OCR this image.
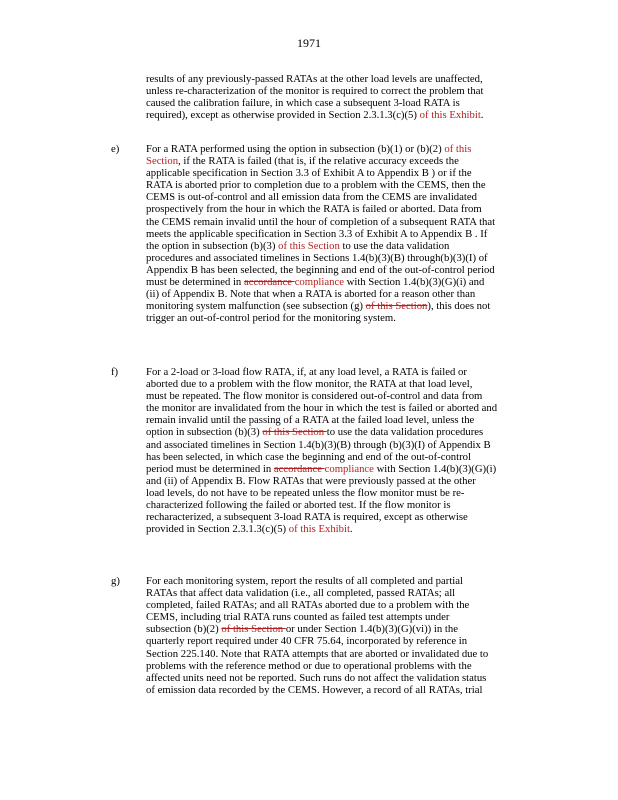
1971
results of any previously-passed RATAs at the other load levels are unaffected,
unless re-characterization of the monitor is required to correct the problem that
caused the calibration failure, in which case a subsequent 3-load RATA is
required), except as otherwise provided in Section 2.3.1.3(c)(5) of this Exhibit.
e) For a RATA performed using the option in subsection (b)(1) or (b)(2) of this
Section, if the RATA is failed (that is, if the relative accuracy exceeds the
applicable specification in Section 3.3 of Exhibit A to Appendix B ) or if the
RATA is aborted prior to completion due to a problem with the CEMS, then the
CEMS is out-of-control and all emission data from the CEMS are invalidated
prospectively from the hour in which the RATA is failed or aborted. Data from
the CEMS remain invalid until the hour of completion of a subsequent RATA that
meets the applicable specification in Section 3.3 of Exhibit A to Appendix B . If
the option in subsection (b)(3) of this Section to use the data validation
procedures and associated timelines in Sections 1.4(b)(3)(B) through(b)(3)(I) of
Appendix B has been selected, the beginning and end of the out-of-control period
must be determined in accordance compliance with Section 1.4(b)(3)(G)(i) and
(ii) of Appendix B. Note that when a RATA is aborted for a reason other than
monitoring system malfunction (see subsection (g) of this Section), this does not
trigger an out-of-control period for the monitoring system.
f)	For a 2-load or 3-load flow RATA, if, at any load level, a RATA is failed or
aborted due to a problem with the flow monitor, the RATA at that load level,
must be repeated. The flow monitor is considered out-of-control and data from
the monitor are invalidated from the hour in which the test is failed or aborted and
remain invalid until the passing of a RATA at the failed load level, unless the
option in subsection (b)(3) of this Section to use the data validation procedures
and associated timelines in Section 1.4(b)(3)(B) through (b)(3)(I) of Appendix B
has been selected, in which case the beginning and end of the out-of-control
period must be determined in accordance compliance with Section 1.4(b)(3)(G)(i)
and (ii) of Appendix B. Flow RATAs that were previously passed at the other
load levels, do not have to be repeated unless the flow monitor must be re-
characterized following the failed or aborted test. If the flow monitor is
recharacterized, a subsequent 3-load RATA is required, except as otherwise
provided in Section 2.3.1.3(c)(5) of this Exhibit.
g) For each monitoring system, report the results of all completed and partial
RATAs that affect data validation (i.e., all completed, passed RATAs; all
completed, failed RATAs; and all RATAs aborted due to a problem with the
CEMS, including trial RATA runs counted as failed test attempts under
subsection (b)(2) of this Section or under Section 1.4(b)(3)(G)(vi)) in the
quarterly report required under 40 CFR 75.64, incorporated by reference in
Section 225.140. Note that RATA attempts that are aborted or invalidated due to
problems with the reference method or due to operational problems with the
affected units need not be reported. Such runs do not affect the validation status
of emission data recorded by the CEMS. However, a record of all RATAs, trial
